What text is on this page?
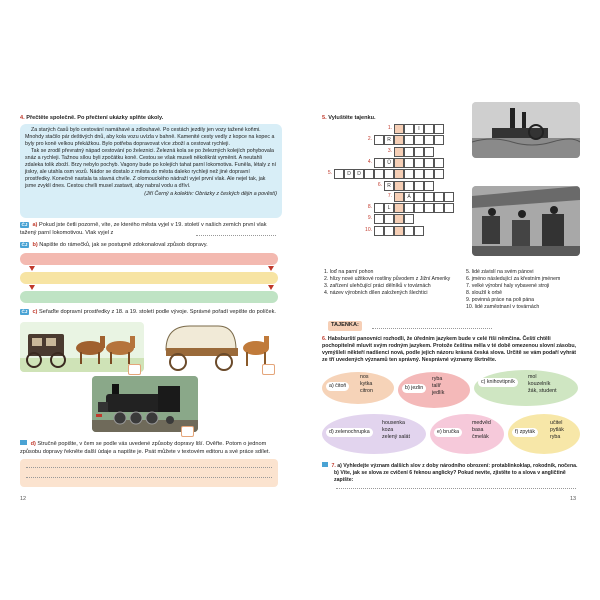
4. Přečtěte společně. Po přečtení ukázky splňte úkoly.

Za starých časů bylo cestování namáhavé a zdlouhavé. Po cestách jezdily jen vozy tažené koňmi. Mnohdy stačilo pár deštivých dnů, aby kola vozu uvízla v bahně. Kamenité cesty vedly z kopce na kopec a byly pro koně velkou překážkou. Bylo potřeba dopravovat více zboží a cestovat rychleji.

Tak se zrodil převratný nápad cestování po železnici. Železná kola se po železných kolejích pohybovala snáz a rychleji. Tažnou sílou byli zpočátku koně. Cestou se však museli několikrát vyměnit. A neutahli zdaleka tolik zboží. Brzy nebylo pochyb. Vagony bude po kolejích tahat parní lokomotiva. Funěla, létaly z ní jiskry, ale utahla osm vozů. Nádor se dostalo z města do města daleko rychleji než jiné dopravní prostředky. Konečně nastala ta slavná chvíle. Z olomouckého nádraží vyjel první vlak. Ale nejel tak, jak jsme zvyklí dnes. Cestou chvíli musel zastavit, aby nabral vodu a dříví.

(Jiří Černý a kolektiv: Obrázky z českých dějin a pověstí)

ČJ a) Pokud jste četli pozorně, víte, ze kterého města vyjel v 19. století v našich zemích první vlak tažený parní lokomotivou. Vlak vyjel z
ČJ b) Napište do rámečků, jak se postupně zdokonaloval způsob dopravy.
ČJ c) Seřaďte dopravní prostředky z 18. a 19. století podle vývoje. Správné pořadí vepište do políček.
d) Stručně popište, v čem se podle vás uvedené způsoby dopravy liší. Ověřte. Potom o jednom způsobu dopravy řekněte další údaje a napište je. Psát můžete v textovém editoru a své práce sdílet.
12
5. Vyluštěte tajenku.
1.	I
2.	R
3.
4.	Ů
5.	D	D
6.	R
7.	Á
8.	L
9.
10.
1. loď na parní pohon
2. hlízy nové užitkové rostliny původem z Jižní Ameriky
3. zařízení ulehčující práci dělníků v továrnách
4. název výrobních dílen založených šlechtici
5. lidé závislí na svém pánovi
6. jméno následující za křestním jménem
7. velké výrobní haly vybavené stroji
8. sloužil k orbě
9. povinná práce na poli pána
10. lidé zaměstnaní v továrnách
TAJENKA:
6. Habsburští panovníci rozhodli, že úředním jazykem bude v celé říši němčina. Čeští chtěli pochopitelně mluvit svým rodným jazykem. Protože čeština měla v té době omezenou slovní zásobu, vymýšleli někteří nadšenci nová, podle jejich názoru krásná česká slova. Určitě se vám podaří vyhrát ze tří uvedených významů ten správný. Nesprávné významy škrtněte.
a) čitoň
nos
kytka
citron	b) jezlin
ryba
talíř
jedlík
c) knihovtipník
mol
kouzelník
žák, student
d) zelenochrupka
housenka
koza
zelený salát
e) bručka
medvěd
basa
čmelák
f) zpyták
učitel
pytlák
ryba
7. a) Vyhledejte význam dalších slov z doby národního obrození: protablinkoklap, rokodník, nočena.
b) Víte, jak se slova ze cvičení 6 řeknou anglicky? Pokud nevíte, zjistěte to a slova v angličtině zapište:
13
